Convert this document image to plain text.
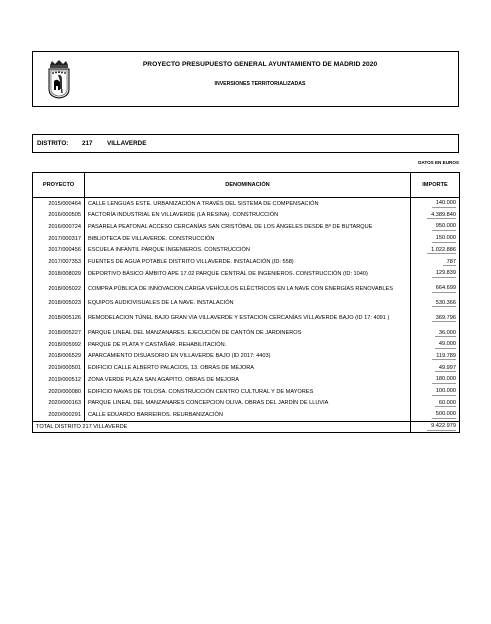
PROYECTO PRESUPUESTO GENERAL AYUNTAMIENTO DE MADRID 2020
INVERSIONES TERRITORIALIZADAS
DISTRITO: 217 VILLAVERDE
DATOS EN EUROS
PROYECTO	DENOMINACIÓN	IMPORTE
2015/000464	CALLE LENGUAS ESTE. URBANIZACIÓN A TRAVÉS DEL SISTEMA DE COMPENSACIÓN	140.000
2016/000505	FACTORÍA INDUSTRIAL EN VILLAVERDE (LA RESINA). CONSTRUCCIÓN	4.389.840
2016/000724	PASARELA PEATONAL ACCESO CERCANÍAS SAN CRISTÓBAL DE LOS ÁNGELES DESDE Bº DE BUTARQUE	950.000
2017/000317	BIBLIOTECA DE VILLAVERDE. CONSTRUCCIÓN	150.000
2017/000456	ESCUELA INFANTIL PARQUE INGENIEROS. CONSTRUCCIÓN	1.022.886
2017/007353	FUENTES DE AGUA POTABLE DISTRITO VILLAVERDE. INSTALACIÓN (ID: 558)	787
2018/008029	DEPORTIVO BÁSICO ÁMBITO APE 17.02 PARQUE CENTRAL DE INGENIEROS. CONSTRUCCIÓN (ID: 1040)	129.839
2018/005022	COMPRA PÚBLICA DE INNOVACION.CARGA VEHÍCULOS ELÉCTRICOS EN LA NAVE CON ENERGÍAS RENOVABLES	664.699
2018/005023	EQUIPOS AUDIOVISUALES DE LA NAVE. INSTALACIÓN	530.366
2018/005126	REMODELACION TÚNEL BAJO GRAN VIA VILLAVERDE Y ESTACION CERCANÍAS VILLAVERDE BAJO (ID 17: 4091 )	369.796
2018/005227	PARQUE LINEAL DEL MANZANARES. EJECUCIÓN DE CANTÓN DE JARDINEROS	36.000
2018/005992	PARQUE DE PLATA Y CASTAÑAR. REHABILITACIÓN.	49.000
2018/006529	APARCAMIENTO DISUASORIO EN VILLAVERDE BAJO (ID 2017: 4403)	119.789
2019/000501	EDIFICIO CALLE ALBERTO PALACIOS, 13. OBRAS DE MEJORA	49.997
2019/000512	ZONA VERDE PLAZA SAN AGAPITO. OBRAS DE MEJORA	180.000
2020/000080	EDIFICIO NAVAS DE TOLOSA. CONSTRUCCIÓN CENTRO CULTURAL Y DE MAYORES	100.000
2020/000163	PARQUE LINEAL DEL MANZANARES CONCEPCION OLIVA. OBRAS DEL JARDÍN DE LLUVIA	60.000
2020/000291	CALLE EDUARDO BARREIROS. REURBANIZACIÓN	500.000
TOTAL DISTRITO 217 VILLAVERDE		9.422.979
